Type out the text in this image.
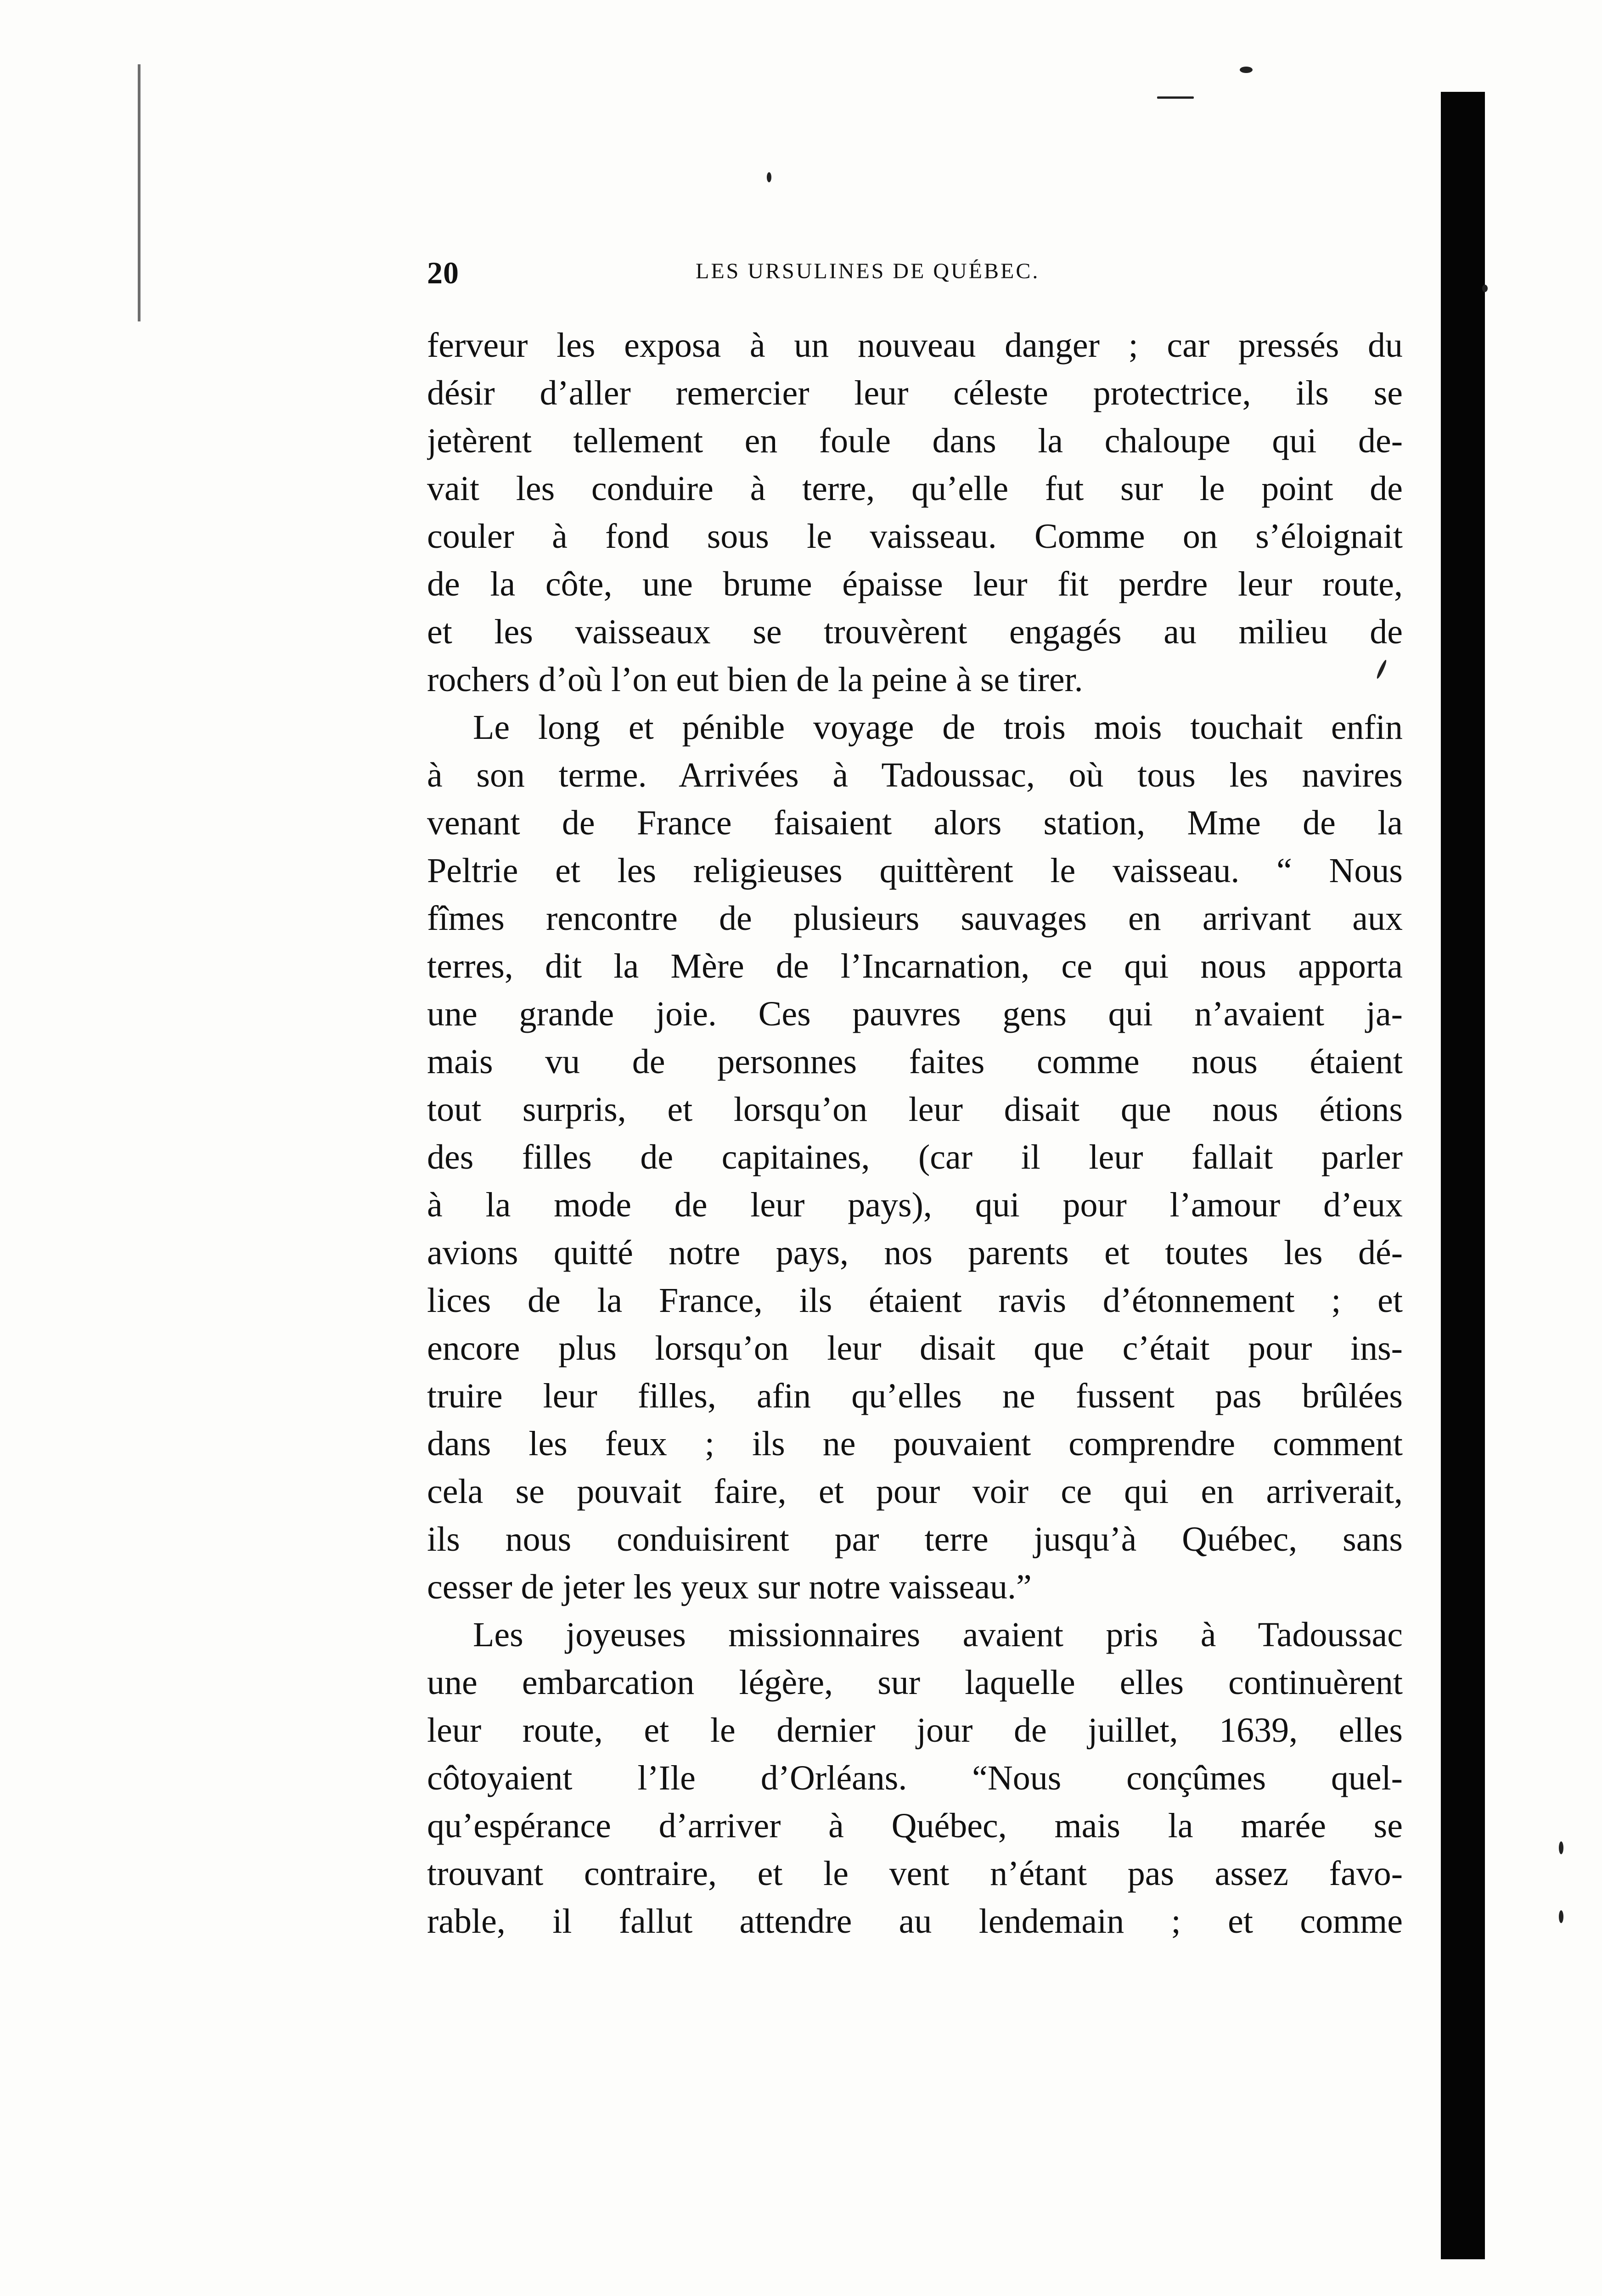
20	LES URSULINES DE QUÉBEC.
ferveur les exposa à un nouveau danger ; car pressés du
désir d’aller remercier leur céleste protectrice, ils se
jetèrent tellement en foule dans la chaloupe qui de-
vait les conduire à terre, qu’elle fut sur le point de
couler à fond sous le vaisseau. Comme on s’éloignait
de la côte, une brume épaisse leur fit perdre leur route,
et les vaisseaux se trouvèrent engagés au milieu de
rochers d’où l’on eut bien de la peine à se tirer.
Le long et pénible voyage de trois mois touchait enfin
à son terme. Arrivées à Tadoussac, où tous les navires
venant de France faisaient alors station, Mme de la
Peltrie et les religieuses quittèrent le vaisseau. “ Nous
fîmes rencontre de plusieurs sauvages en arrivant aux
terres, dit la Mère de l’Incarnation, ce qui nous apporta
une grande joie. Ces pauvres gens qui n’avaient ja-
mais vu de personnes faites comme nous étaient
tout surpris, et lorsqu’on leur disait que nous étions
des filles de capitaines, (car il leur fallait parler
à la mode de leur pays), qui pour l’amour d’eux
avions quitté notre pays, nos parents et toutes les dé-
lices de la France, ils étaient ravis d’étonnement ; et
encore plus lorsqu’on leur disait que c’était pour ins-
truire leur filles, afin qu’elles ne fussent pas brûlées
dans les feux ; ils ne pouvaient comprendre comment
cela se pouvait faire, et pour voir ce qui en arriverait,
ils nous conduisirent par terre jusqu’à Québec, sans
cesser de jeter les yeux sur notre vaisseau.”
Les joyeuses missionnaires avaient pris à Tadoussac
une embarcation légère, sur laquelle elles continuèrent
leur route, et le dernier jour de juillet, 1639, elles
côtoyaient l’Ile d’Orléans. “Nous conçûmes quel-
qu’espérance d’arriver à Québec, mais la marée se
trouvant contraire, et le vent n’étant pas assez favo-
rable, il fallut attendre au lendemain ; et comme
